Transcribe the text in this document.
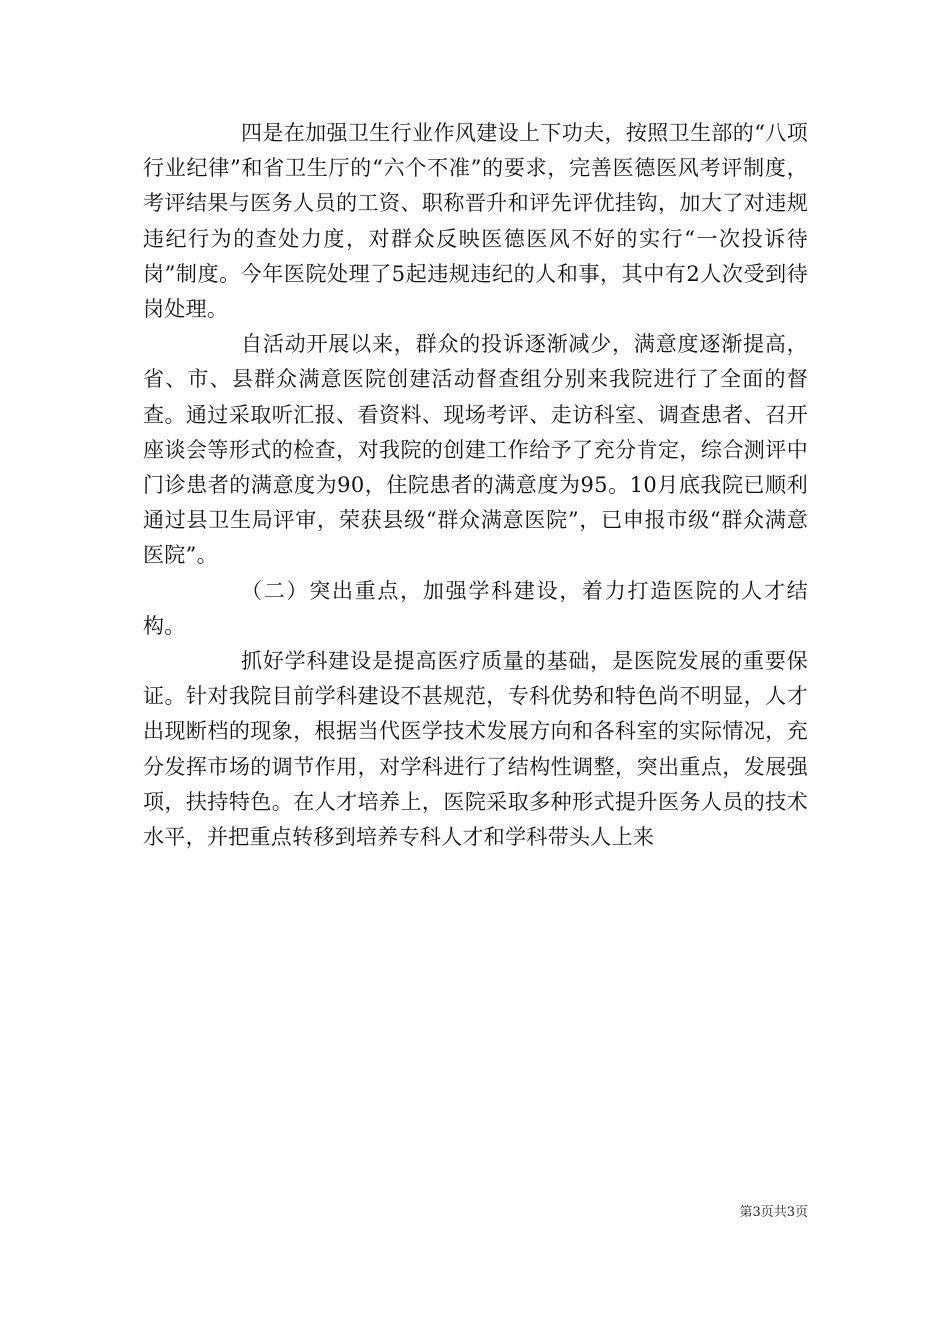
四是在加强卫生行业作风建设上下功夫，按照卫生部的“八项行业纪律”和省卫生厅的“六个不准”的要求，完善医德医风考评制度，考评结果与医务人员的工资、职称晋升和评先评优挂钩，加大了对违规违纪行为的查处力度，对群众反映医德医风不好的实行“一次投诉待岗”制度。今年医院处理了5起违规违纪的人和事，其中有2人次受到待岗处理。

自活动开展以来，群众的投诉逐渐减少，满意度逐渐提高，省、市、县群众满意医院创建活动督查组分别来我院进行了全面的督查。通过采取听汇报、看资料、现场考评、走访科室、调查患者、召开座谈会等形式的检查，对我院的创建工作给予了充分肯定，综合测评中门诊患者的满意度为90，住院患者的满意度为95。10月底我院已顺利通过县卫生局评审，荣获县级“群众满意医院”，已申报市级“群众满意医院”。

（二）突出重点，加强学科建设，着力打造医院的人才结构。

抓好学科建设是提高医疗质量的基础，是医院发展的重要保证。针对我院目前学科建设不甚规范，专科优势和特色尚不明显，人才出现断档的现象，根据当代医学技术发展方向和各科室的实际情况，充分发挥市场的调节作用，对学科进行了结构性调整，突出重点，发展强项，扶持特色。在人才培养上，医院采取多种形式提升医务人员的技术水平，并把重点转移到培养专科人才和学科带头人上来

第3页共3页
